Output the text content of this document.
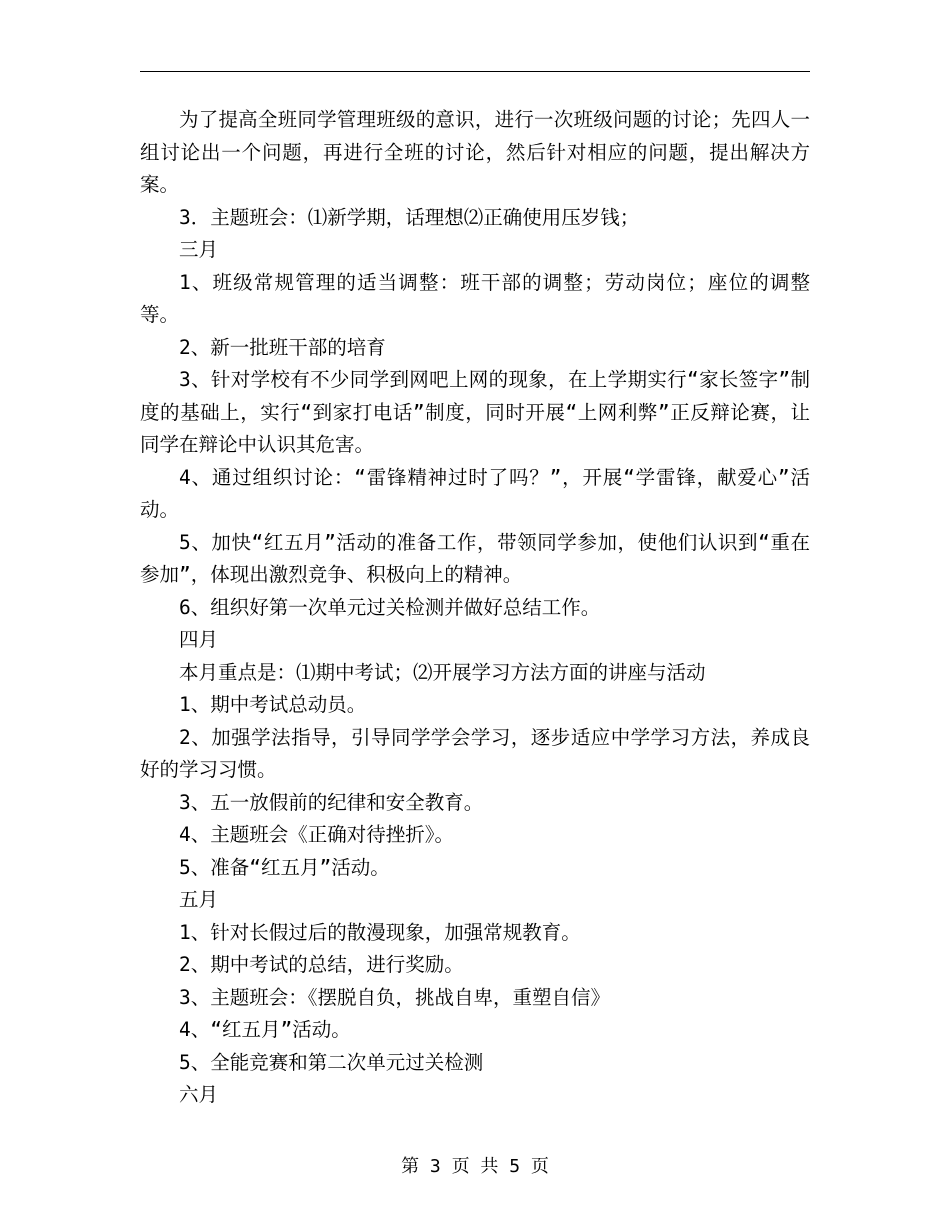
为了提高全班同学管理班级的意识，进行一次班级问题的讨论；先四人一组讨论出一个问题，再进行全班的讨论，然后针对相应的问题，提出解决方案。

3．主题班会：⑴新学期，话理想⑵正确使用压岁钱；

三月

1、班级常规管理的适当调整：班干部的调整；劳动岗位；座位的调整等。

2、新一批班干部的培育

3、针对学校有不少同学到网吧上网的现象，在上学期实行“家长签字”制度的基础上，实行“到家打电话”制度，同时开展“上网利弊”正反辩论赛，让同学在辩论中认识其危害。

4、通过组织讨论：“雷锋精神过时了吗？”，开展“学雷锋，献爱心”活动。

5、加快“红五月”活动的准备工作，带领同学参加，使他们认识到“重在参加”，体现出激烈竞争、积极向上的精神。

6、组织好第一次单元过关检测并做好总结工作。

四月

本月重点是：⑴期中考试；⑵开展学习方法方面的讲座与活动

1、期中考试总动员。

2、加强学法指导，引导同学学会学习，逐步适应中学学习方法，养成良好的学习习惯。

3、五一放假前的纪律和安全教育。

4、主题班会《正确对待挫折》。

5、准备“红五月”活动。

五月

1、针对长假过后的散漫现象，加强常规教育。

2、期中考试的总结，进行奖励。

3、主题班会：《摆脱自负，挑战自卑，重塑自信》

4、“红五月”活动。

5、全能竞赛和第二次单元过关检测

六月

第 3 页 共 5 页
